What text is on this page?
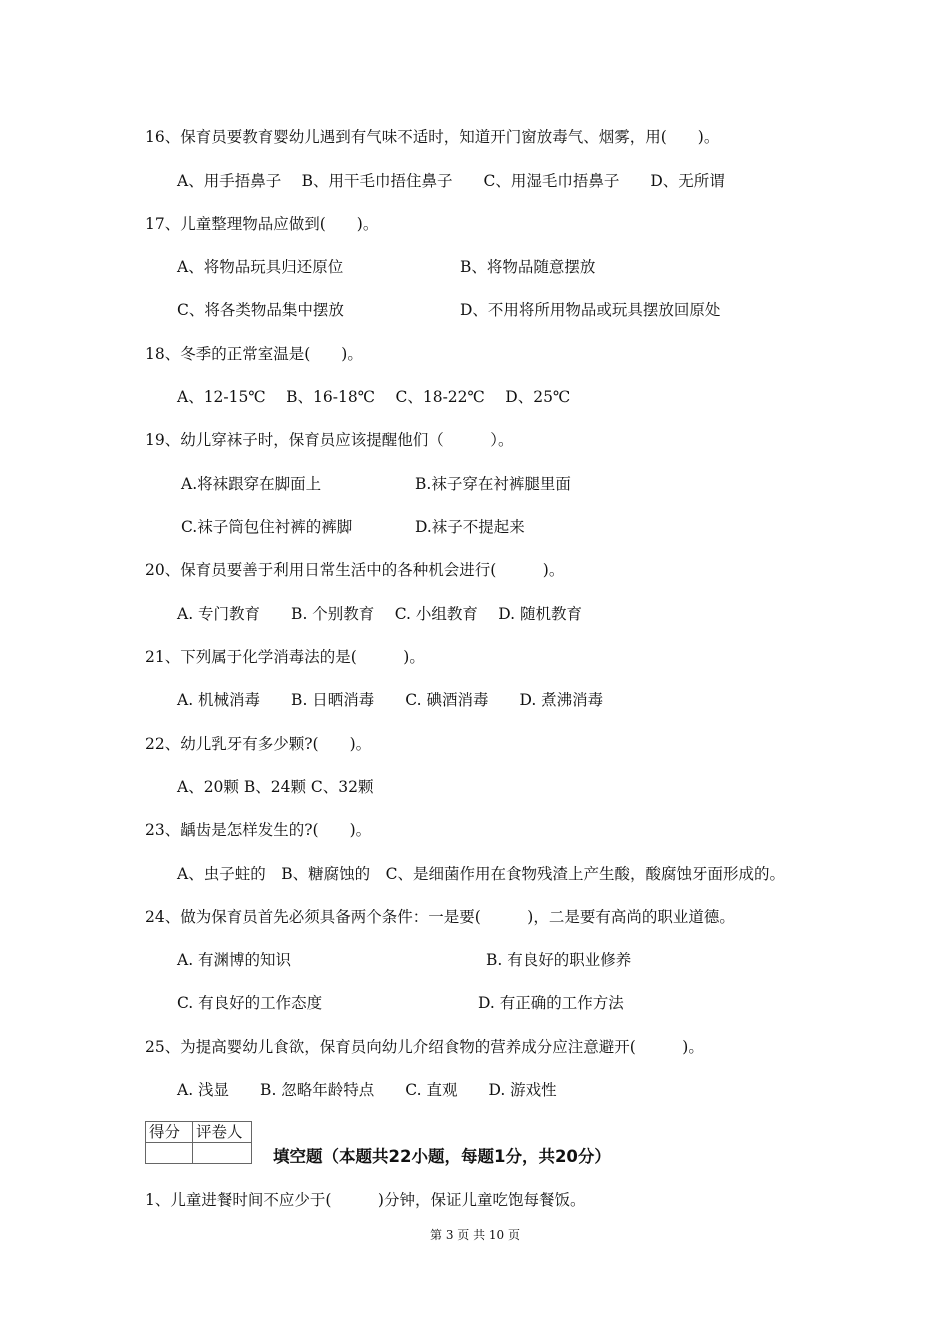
16、保育员要教育婴幼儿遇到有气味不适时，知道开门窗放毒气、烟雾，用(　　)。
A、用手捂鼻子　 B、用干毛巾捂住鼻子　　C、用湿毛巾捂鼻子　　D、无所谓
17、儿童整理物品应做到(　　)。
A、将物品玩具归还原位	B、将物品随意摆放
C、将各类物品集中摆放	D、不用将所用物品或玩具摆放回原处
18、冬季的正常室温是(　　)。
A、12-15℃　 B、16-18℃　 C、18-22℃　 D、25℃
19、幼儿穿袜子时，保育员应该提醒他们（　　　）。
A.将袜跟穿在脚面上	B.袜子穿在衬裤腿里面
C.袜子筒包住衬裤的裤脚	D.袜子不提起来
20、保育员要善于利用日常生活中的各种机会进行(　　　)。
A. 专门教育　　B. 个别教育　 C. 小组教育　 D. 随机教育
21、下列属于化学消毒法的是(　　　)。
A. 机械消毒　　B. 日晒消毒　　C. 碘酒消毒　　D. 煮沸消毒
22、幼儿乳牙有多少颗?(　　)。
A、20颗 B、24颗 C、32颗
23、龋齿是怎样发生的?(　　)。
A、虫子蛀的　B、糖腐蚀的　C、是细菌作用在食物残渣上产生酸，酸腐蚀牙面形成的。
24、做为保育员首先必须具备两个条件：一是要(　　　)，二是要有高尚的职业道德。
A. 有渊博的知识	B. 有良好的职业修养
C. 有良好的工作态度	D. 有正确的工作方法
25、为提高婴幼儿食欲，保育员向幼儿介绍食物的营养成分应注意避开(　　　)。
A. 浅显　　B. 忽略年龄特点　　C. 直观　　D. 游戏性
得分	评卷人

填空题（本题共22小题，每题1分，共20分）
1、儿童进餐时间不应少于(　　　)分钟，保证儿童吃饱每餐饭。
第 3 页 共 10 页
